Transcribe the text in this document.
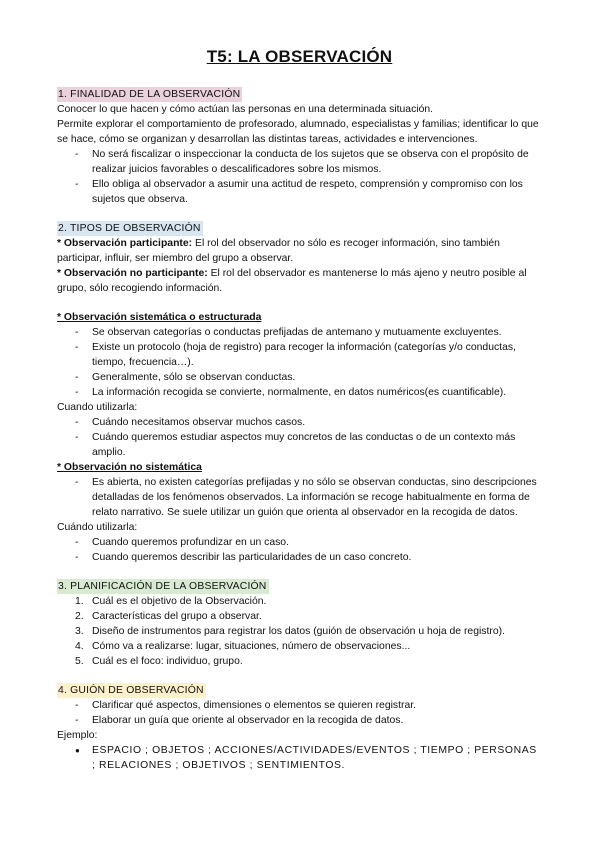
T5: LA OBSERVACIÓN
1. FINALIDAD DE LA OBSERVACIÓN

Conocer lo que hacen y cómo actúan las personas en una determinada situación.

Permite explorar el comportamiento de profesorado, alumnado, especialistas y familias; identificar lo que se hace, cómo se organizan y desarrollan las distintas tareas, actividades e intervenciones.

- No será fiscalizar o inspeccionar la conducta de los sujetos que se observa con el propósito de realizar juicios favorables o descalificadores sobre los mismos.
- Ello obliga al observador a asumir una actitud de respeto, comprensión y compromiso con los sujetos que observa.
2. TIPOS DE OBSERVACIÓN

* Observación participante: El rol del observador no sólo es recoger información, sino también participar, influir, ser miembro del grupo a observar.

* Observación no participante: El rol del observador es mantenerse lo más ajeno y neutro posible al grupo, sólo recogiendo información.

* Observación sistemática o estructurada

- Se observan categorías o conductas prefijadas de antemano y mutuamente excluyentes.
- Existe un protocolo (hoja de registro) para recoger la información (categorías y/o conductas, tiempo, frecuencia…).
- Generalmente, sólo se observan conductas.
- La información recogida se convierte, normalmente, en datos numéricos(es cuantificable).

Cuando utilizarla:

- Cuándo necesitamos observar muchos casos.
- Cuándo queremos estudiar aspectos muy concretos de las conductas o de un contexto más amplio.

* Observación no sistemática

- Es abierta, no existen categorías prefijadas y no sólo se observan conductas, sino descripciones detalladas de los fenómenos observados. La información se recoge habitualmente en forma de relato narrativo. Se suele utilizar un guión que orienta al observador en la recogida de datos.

Cuándo utilizarla:

- Cuando queremos profundizar en un caso.
- Cuando queremos describir las particularidades de un caso concreto.
3. PLANIFICACIÓN DE LA OBSERVACIÓN
1. Cuál es el objetivo de la Observación.
2. Características del grupo a observar.
3. Diseño de instrumentos para registrar los datos (guión de observación u hoja de registro).
4. Cómo va a realizarse: lugar, situaciones, número de observaciones...
5. Cuál es el foco: individuo, grupo.
4. GUIÓN DE OBSERVACIÓN
- Clarificar qué aspectos, dimensiones o elementos se quieren registrar.
- Elaborar un guía que oriente al observador en la recogida de datos.

Ejemplo:

● ESPACIO ; OBJETOS ; ACCIONES/ACTIVIDADES/EVENTOS ; TIEMPO ; PERSONAS ; RELACIONES ; OBJETIVOS ; SENTIMIENTOS.
